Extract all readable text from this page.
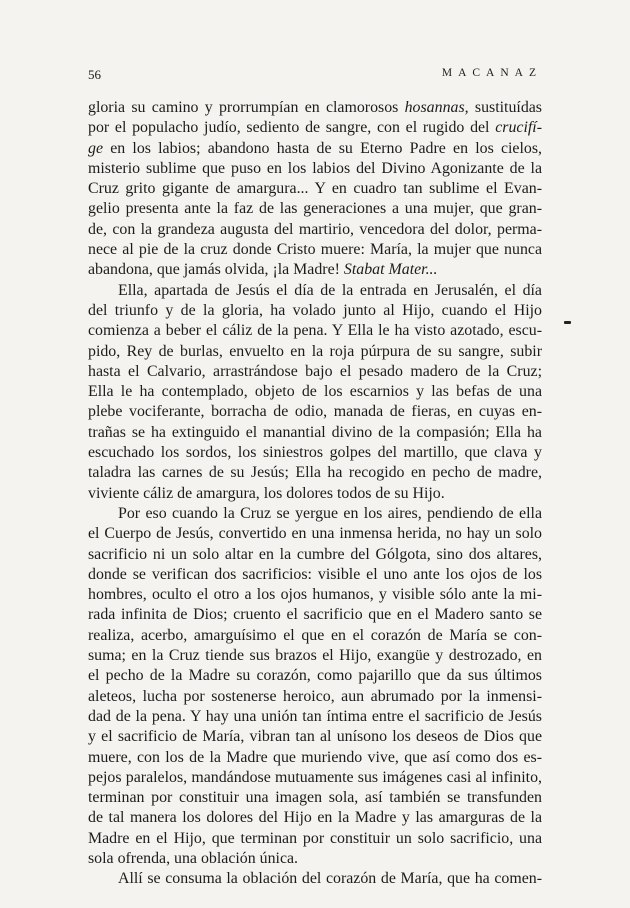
56	MACANAZ
gloria su camino y prorrumpían en clamorosos hosannas, sustituídas
por el populacho judío, sediento de sangre, con el rugido del crucifí-
ge en los labios; abandono hasta de su Eterno Padre en los cielos,
misterio sublime que puso en los labios del Divino Agonizante de la
Cruz grito gigante de amargura... Y en cuadro tan sublime el Evan-
gelio presenta ante la faz de las generaciones a una mujer, que gran-
de, con la grandeza augusta del martirio, vencedora del dolor, perma-
nece al pie de la cruz donde Cristo muere: María, la mujer que nunca
abandona, que jamás olvida, ¡la Madre! Stabat Mater...
Ella, apartada de Jesús el día de la entrada en Jerusalén, el día
del triunfo y de la gloria, ha volado junto al Hijo, cuando el Hijo
comienza a beber el cáliz de la pena. Y Ella le ha visto azotado, escu-
pido, Rey de burlas, envuelto en la roja púrpura de su sangre, subir
hasta el Calvario, arrastrándose bajo el pesado madero de la Cruz;
Ella le ha contemplado, objeto de los escarnios y las befas de una
plebe vociferante, borracha de odio, manada de fieras, en cuyas en-
trañas se ha extinguido el manantial divino de la compasión; Ella ha
escuchado los sordos, los siniestros golpes del martillo, que clava y
taladra las carnes de su Jesús; Ella ha recogido en pecho de madre,
viviente cáliz de amargura, los dolores todos de su Hijo.
Por eso cuando la Cruz se yergue en los aires, pendiendo de ella
el Cuerpo de Jesús, convertido en una inmensa herida, no hay un solo
sacrificio ni un solo altar en la cumbre del Gólgota, sino dos altares,
donde se verifican dos sacrificios: visible el uno ante los ojos de los
hombres, oculto el otro a los ojos humanos, y visible sólo ante la mi-
rada infinita de Dios; cruento el sacrificio que en el Madero santo se
realiza, acerbo, amarguísimo el que en el corazón de María se con-
suma; en la Cruz tiende sus brazos el Hijo, exangüe y destrozado, en
el pecho de la Madre su corazón, como pajarillo que da sus últimos
aleteos, lucha por sostenerse heroico, aun abrumado por la inmensi-
dad de la pena. Y hay una unión tan íntima entre el sacrificio de Jesús
y el sacrificio de María, vibran tan al unísono los deseos de Dios que
muere, con los de la Madre que muriendo vive, que así como dos es-
pejos paralelos, mandándose mutuamente sus imágenes casi al infinito,
terminan por constituir una imagen sola, así también se transfunden
de tal manera los dolores del Hijo en la Madre y las amarguras de la
Madre en el Hijo, que terminan por constituir un solo sacrificio, una
sola ofrenda, una oblación única.
Allí se consuma la oblación del corazón de María, que ha comen-
